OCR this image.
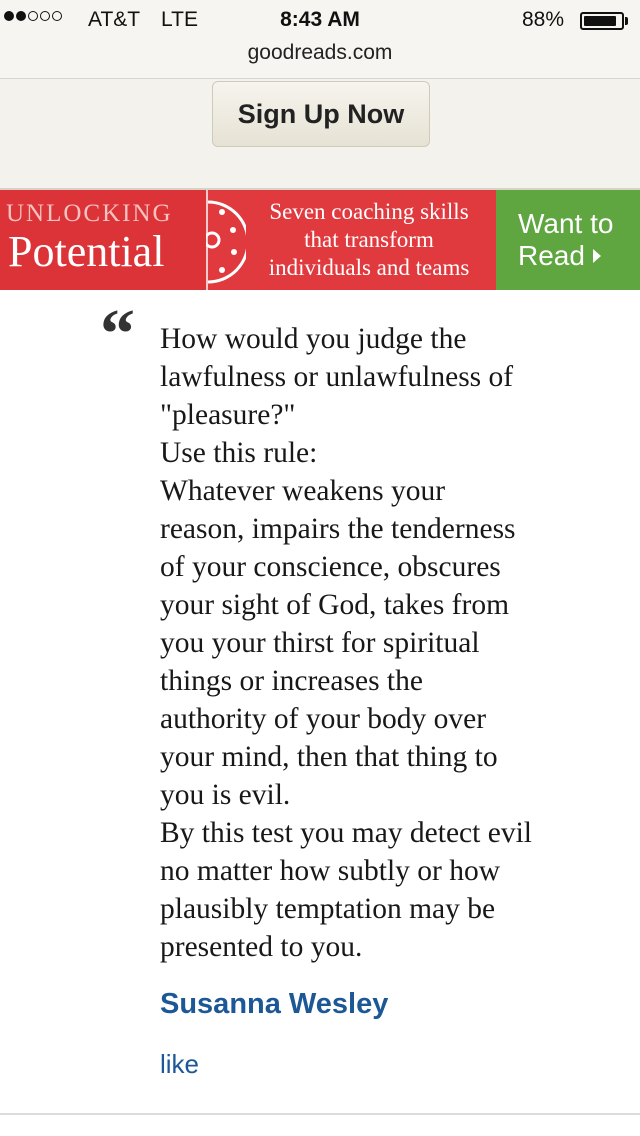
AT&T LTE	8:43 AM	88%
goodreads.com
Sign Up Now
UNLOCKING
Potential
Seven coaching skills
that transform
individuals and teams
Want to
Read
“ How would you judge the
lawfulness or unlawfulness of
"pleasure?"
Use this rule:
Whatever weakens your
reason, impairs the tenderness
of your conscience, obscures
your sight of God, takes from
you your thirst for spiritual
things or increases the
authority of your body over
your mind, then that thing to
you is evil.
By this test you may detect evil
no matter how subtly or how
plausibly temptation may be
presented to you.
Susanna Wesley
like
